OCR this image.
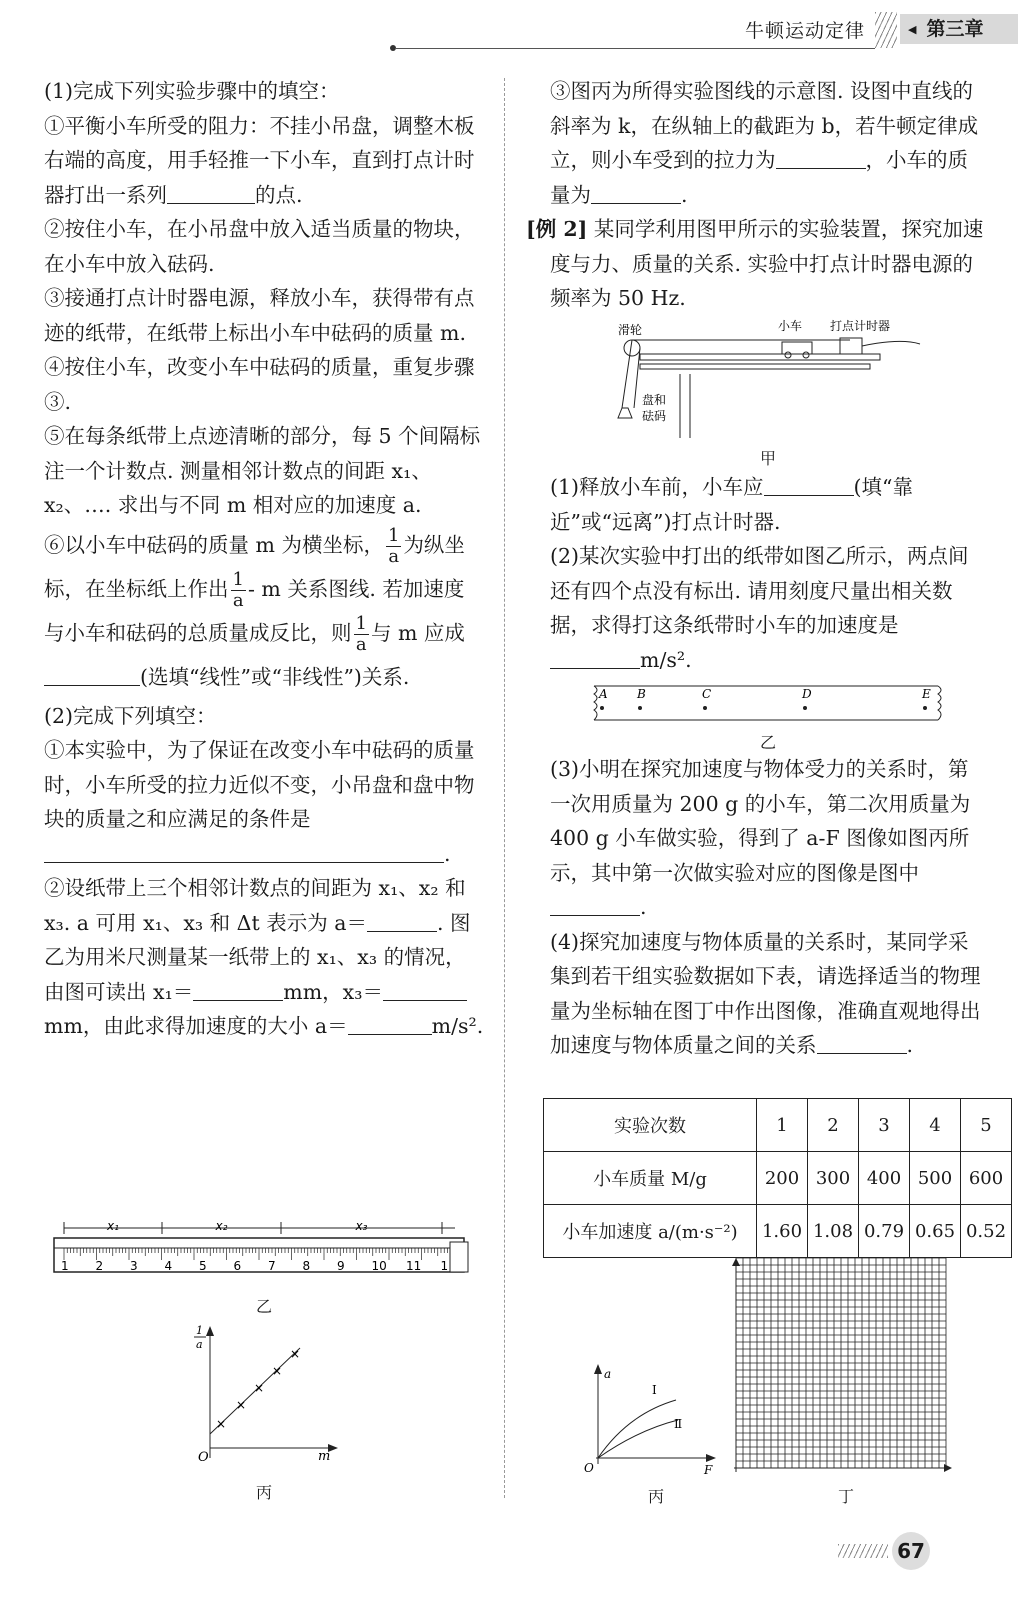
牛顿运动定律	◀ 第三章

(1)完成下列实验步骤中的填空：

①平衡小车所受的阻力：不挂小吊盘，调整木板右端的高度，用手轻推一下小车，直到打点计时器打出一系列	的点.

②按住小车，在小吊盘中放入适当质量的物块，在小车中放入砝码.

③接通打点计时器电源，释放小车，获得带有点迹的纸带，在纸带上标出小车中砝码的质量 m.

④按住小车，改变小车中砝码的质量，重复步骤③.

⑤在每条纸带上点迹清晰的部分，每 5 个间隔标注一个计数点. 测量相邻计数点的间距 x₁、x₂、…. 求出与不同 m 相对应的加速度 a.

⑥以小车中砝码的质量 m 为横坐标， $\frac{1}{a}$ 为纵坐标，在坐标纸上作出 $\frac{1}{a}$ - m 关系图线. 若加速度与小车和砝码的总质量成反比，则 $\frac{1}{a}$ 与 m 应成(选填“线性”或“非线性”)关系.

(2)完成下列填空：

①本实验中，为了保证在改变小车中砝码的质量时，小车所受的拉力近似不变，小吊盘和盘中物块的质量之和应满足的条件是
.

②设纸带上三个相邻计数点的间距为 x₁、x₂ 和 x₃. a 可用 x₁、x₃ 和 Δt 表示为 a＝	. 图乙为用米尺测量某一纸带上的 x₁、x₃ 的情况，由图可读出 x₁＝	mm，x₃＝mm，由此求得加速度的大小 a＝	m/s².

1 2 3 4 5 6 7 8 9 10 11 1
x₁	x₂	x₃
乙
×
×
×
×
×
1
a
O	m
丙

③图丙为所得实验图线的示意图. 设图中直线的斜率为 k，在纵轴上的截距为 b，若牛顿定律成立，则小车受到的拉力为	，小车的质量为	.

[例 2] 某同学利用图甲所示的实验装置，探究加速度与力、质量的关系. 实验中打点计时器电源的频率为 50 Hz.

滑轮	小车 打点计时器
盘和
砝码
甲

(1)释放小车前，小车应	(填“靠近”或“远离”)打点计时器.

(2)某次实验中打出的纸带如图乙所示，两点间还有四个点没有标出. 请用刻度尺量出相关数据，求得打这条纸带时小车的加速度是m/s².

A B	C	D	E
乙

(3)小明在探究加速度与物体受力的关系时，第一次用质量为 200 g 的小车，第二次用质量为 400 g 小车做实验，得到了 a-F 图像如图丙所示，其中第一次做实验对应的图像是图中.

(4)探究加速度与物体质量的关系时，某同学采集到若干组实验数据如下表，请选择适当的物理量为坐标轴在图丁中作出图像，准确直观地得出加速度与物体质量之间的关系	.

实验次数	1	2	3	4	5
小车质量 M/g	200	300	400	500	600
小车加速度 a/(m·s⁻²)	1.60	1.08	0.79	0.65	0.52
a
O	F
Ⅰ
Ⅱ
丙	丁
67
